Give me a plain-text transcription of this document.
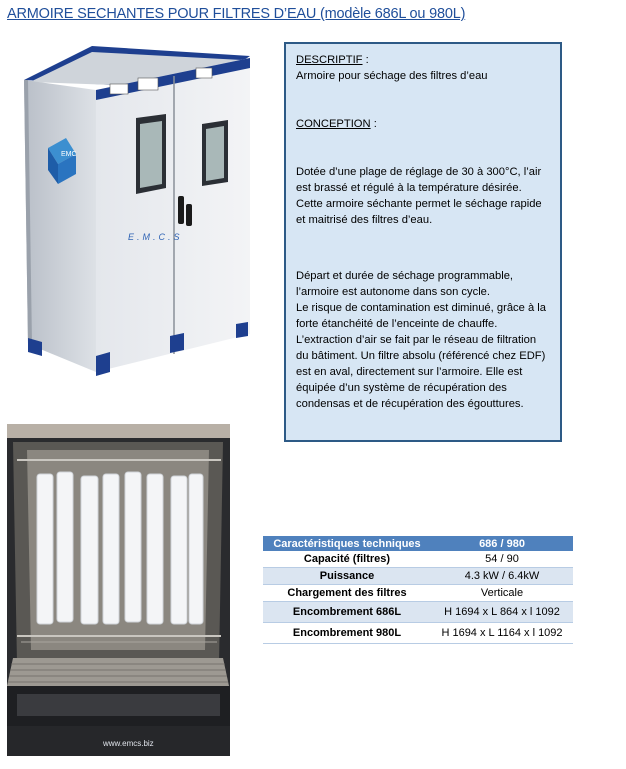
ARMOIRE SECHANTES POUR FILTRES D’EAU (modèle 686L ou 980L)
EMC
E.M.C.S
www.emcs.biz

DESCRIPTIF :

Armoire pour séchage des filtres d’eau

CONCEPTION :

Dotée d’une plage de réglage de 30 à 300°C, l’air est brassé et régulé à la température désirée. Cette armoire séchante permet le séchage rapide et maitrisé des filtres d’eau.

Départ et durée de séchage programmable, l’armoire est autonome dans son cycle.

Le risque de contamination est diminué, grâce à la forte étanchéité de l’enceinte de chauffe.

L’extraction d’air se fait par le réseau de filtration du bâtiment. Un filtre absolu (référencé chez EDF) est en aval, directement sur l’armoire. Elle est équipée d’un système de récupération des condensas et de récupération des égouttures.

Caractéristiques techniques	686 / 980
Capacité (filtres)	54 / 90
Puissance	4.3 kW / 6.4kW
Chargement des filtres	Verticale
Encombrement 686L	H 1694 x L 864 x l 1092
Encombrement 980L	H 1694 x L 1164 x l 1092
